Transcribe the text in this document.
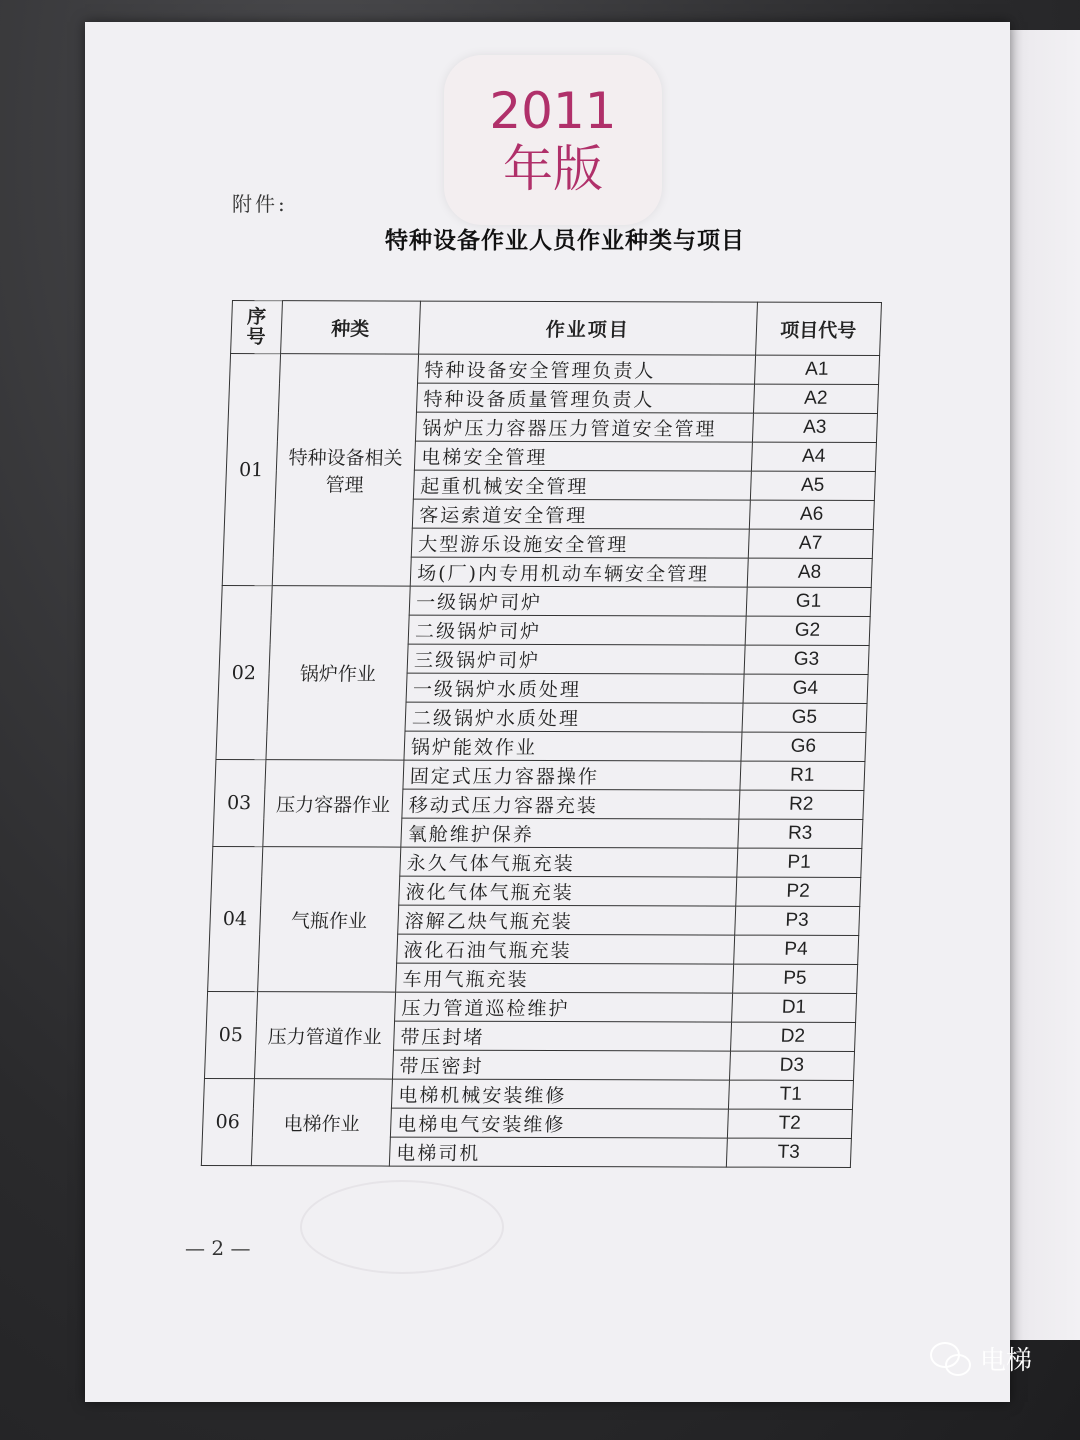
2011
年版
附件:
特种设备作业人员作业种类与项目
序号	种类	作业项目	项目代号
01	特种设备相关管理	特种设备安全管理负责人	A1
		特种设备质量管理负责人	A2
		锅炉压力容器压力管道安全管理	A3
		电梯安全管理	A4
		起重机械安全管理	A5
		客运索道安全管理	A6
		大型游乐设施安全管理	A7
		场(厂)内专用机动车辆安全管理	A8
02	锅炉作业	一级锅炉司炉	G1
		二级锅炉司炉	G2
		三级锅炉司炉	G3
		一级锅炉水质处理	G4
		二级锅炉水质处理	G5
		锅炉能效作业	G6
03	压力容器作业	固定式压力容器操作	R1
		移动式压力容器充装	R2
		氧舱维护保养	R3
04	气瓶作业	永久气体气瓶充装	P1
		液化气体气瓶充装	P2
		溶解乙炔气瓶充装	P3
		液化石油气瓶充装	P4
		车用气瓶充装	P5
05	压力管道作业	压力管道巡检维护	D1
		带压封堵	D2
		带压密封	D3
06	电梯作业	电梯机械安装维修	T1
		电梯电气安装维修	T2
		电梯司机	T3
— 2 —
电梯
